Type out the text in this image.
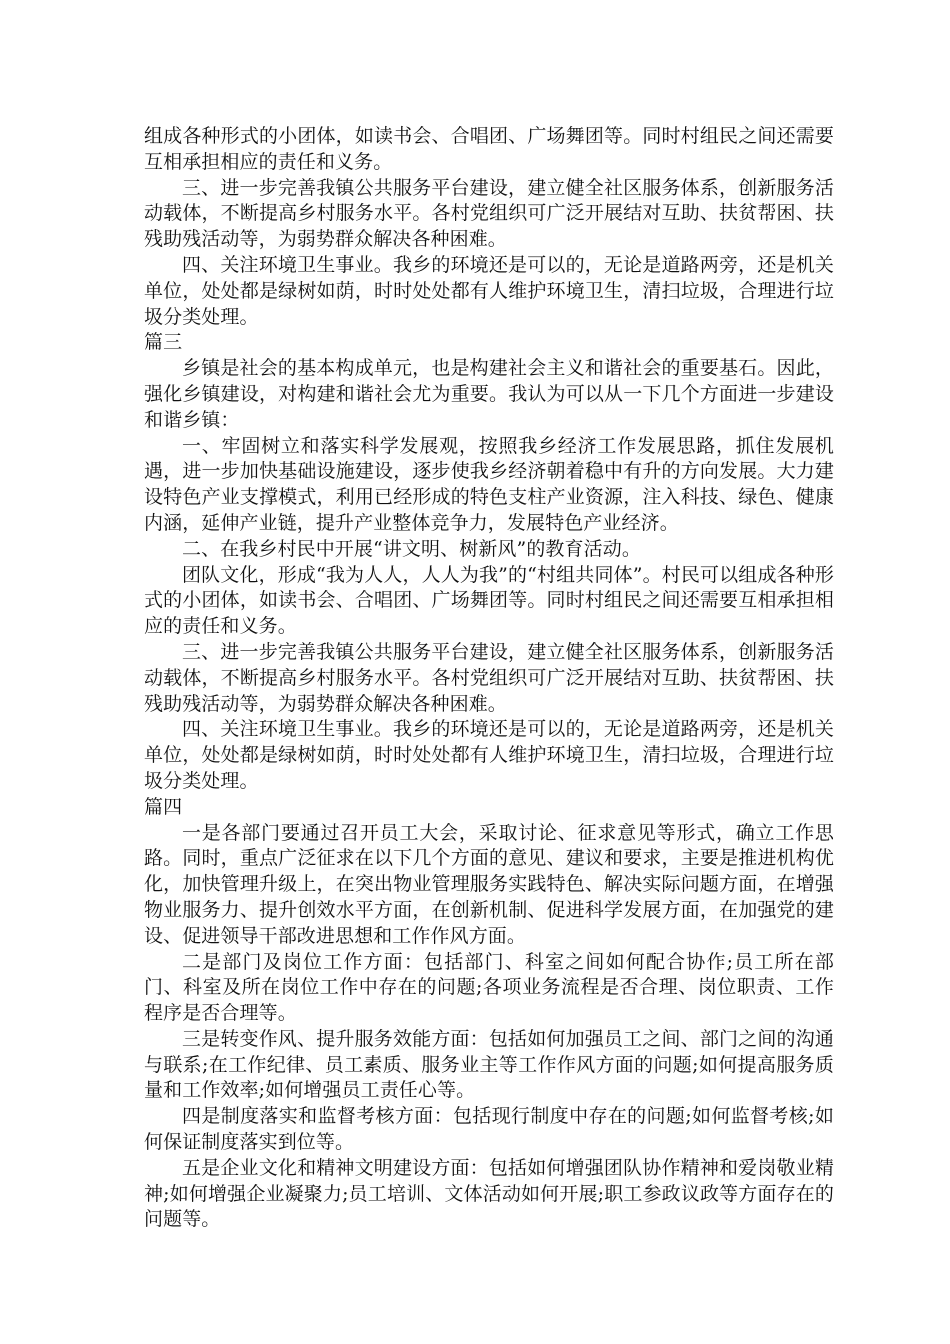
组成各种形式的小团体，如读书会、合唱团、广场舞团等。同时村组民之间还需要互相承担相应的责任和义务。

三、进一步完善我镇公共服务平台建设，建立健全社区服务体系，创新服务活动载体，不断提高乡村服务水平。各村党组织可广泛开展结对互助、扶贫帮困、扶残助残活动等，为弱势群众解决各种困难。

四、关注环境卫生事业。我乡的环境还是可以的，无论是道路两旁，还是机关单位，处处都是绿树如荫，时时处处都有人维护环境卫生，清扫垃圾，合理进行垃圾分类处理。

篇三

乡镇是社会的基本构成单元，也是构建社会主义和谐社会的重要基石。因此，强化乡镇建设，对构建和谐社会尤为重要。我认为可以从一下几个方面进一步建设和谐乡镇：

一、牢固树立和落实科学发展观，按照我乡经济工作发展思路，抓住发展机遇，进一步加快基础设施建设，逐步使我乡经济朝着稳中有升的方向发展。大力建设特色产业支撑模式，利用已经形成的特色支柱产业资源，注入科技、绿色、健康内涵，延伸产业链，提升产业整体竞争力，发展特色产业经济。

二、在我乡村民中开展“讲文明、树新风”的教育活动。

团队文化，形成“我为人人，人人为我”的“村组共同体”。村民可以组成各种形式的小团体，如读书会、合唱团、广场舞团等。同时村组民之间还需要互相承担相应的责任和义务。

三、进一步完善我镇公共服务平台建设，建立健全社区服务体系，创新服务活动载体，不断提高乡村服务水平。各村党组织可广泛开展结对互助、扶贫帮困、扶残助残活动等，为弱势群众解决各种困难。

四、关注环境卫生事业。我乡的环境还是可以的，无论是道路两旁，还是机关单位，处处都是绿树如荫，时时处处都有人维护环境卫生，清扫垃圾，合理进行垃圾分类处理。

篇四

一是各部门要通过召开员工大会，采取讨论、征求意见等形式，确立工作思路。同时，重点广泛征求在以下几个方面的意见、建议和要求，主要是推进机构优化，加快管理升级上，在突出物业管理服务实践特色、解决实际问题方面，在增强物业服务力、提升创效水平方面，在创新机制、促进科学发展方面，在加强党的建设、促进领导干部改进思想和工作作风方面。

二是部门及岗位工作方面：包括部门、科室之间如何配合协作;员工所在部门、科室及所在岗位工作中存在的问题;各项业务流程是否合理、岗位职责、工作程序是否合理等。

三是转变作风、提升服务效能方面：包括如何加强员工之间、部门之间的沟通与联系;在工作纪律、员工素质、服务业主等工作作风方面的问题;如何提高服务质量和工作效率;如何增强员工责任心等。

四是制度落实和监督考核方面：包括现行制度中存在的问题;如何监督考核;如何保证制度落实到位等。

五是企业文化和精神文明建设方面：包括如何增强团队协作精神和爱岗敬业精神;如何增强企业凝聚力;员工培训、文体活动如何开展;职工参政议政等方面存在的问题等。
